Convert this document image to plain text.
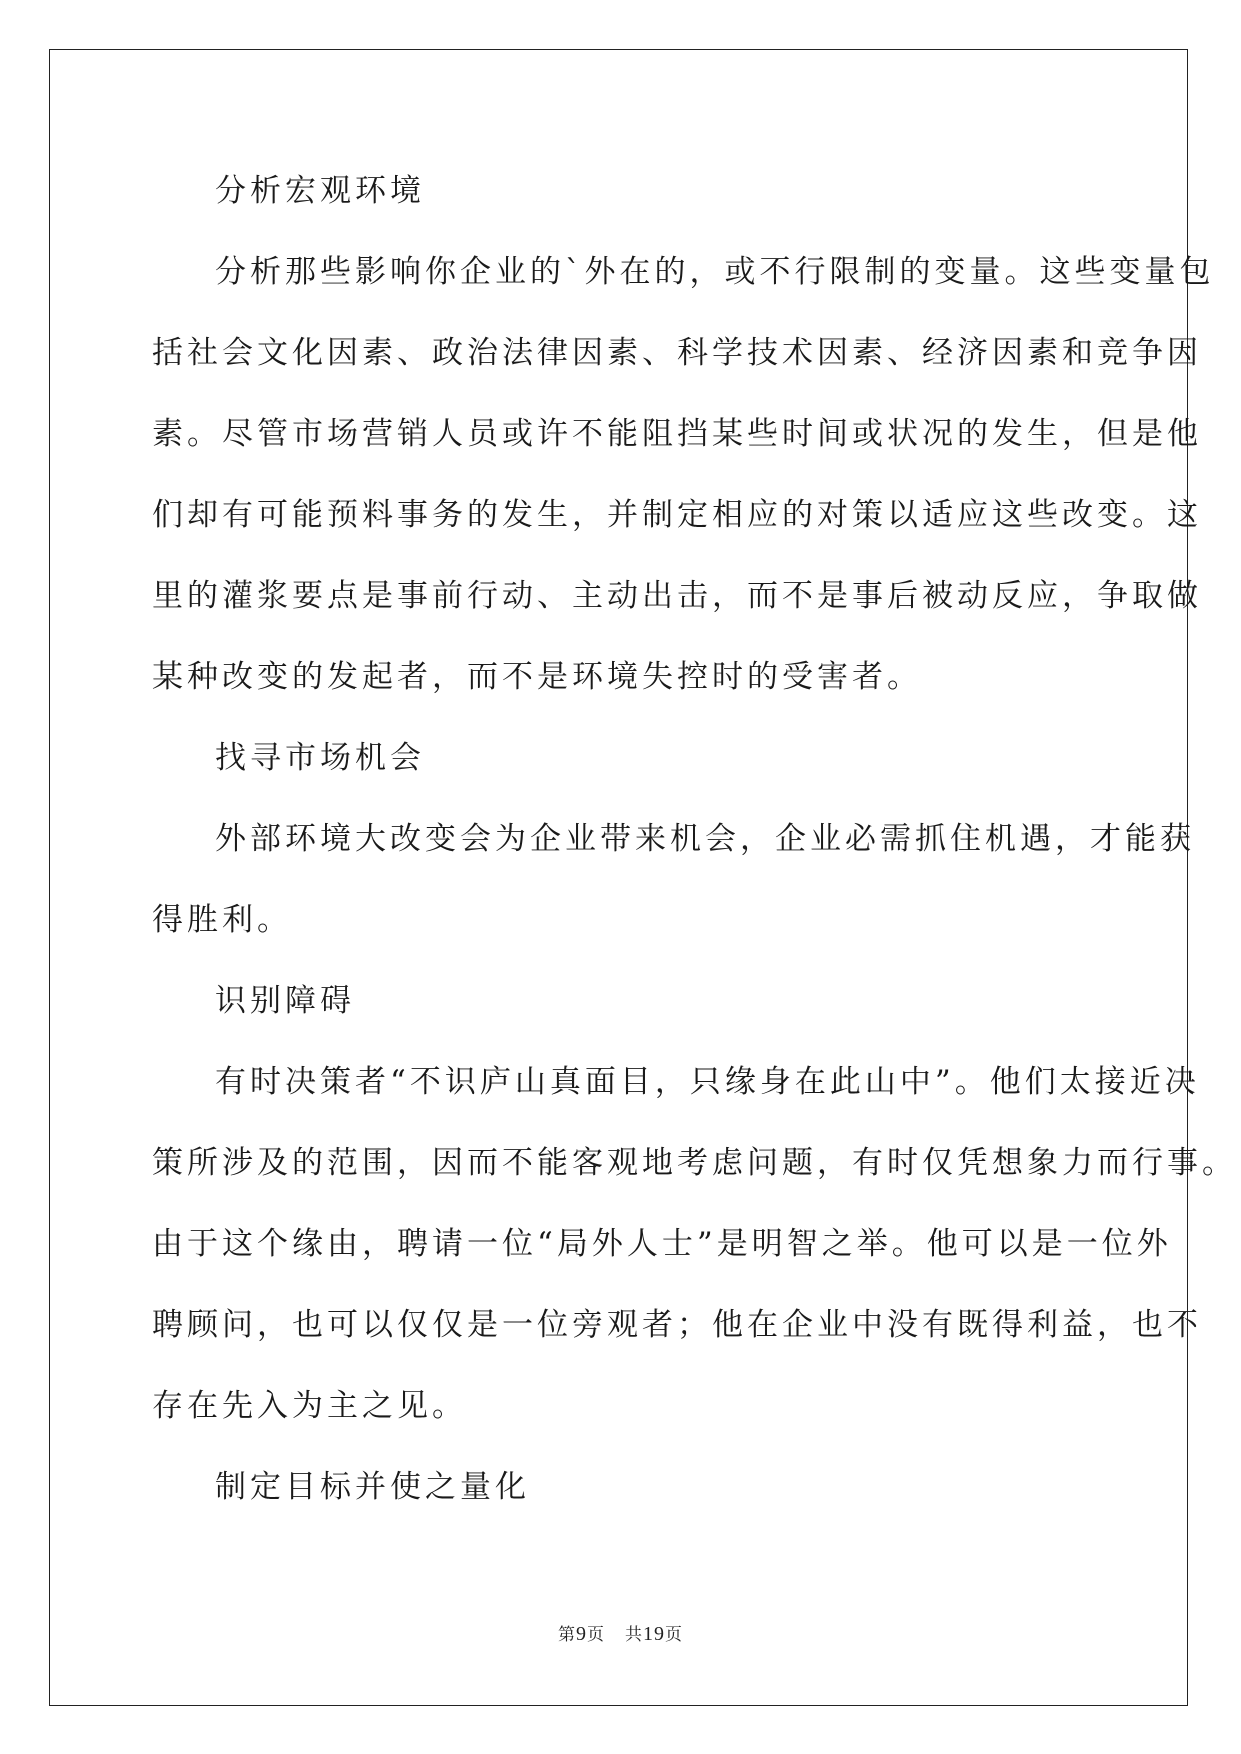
分析宏观环境
分析那些影响你企业的`外在的，或不行限制的变量。这些变量包
括社会文化因素、政治法律因素、科学技术因素、经济因素和竞争因
素。尽管市场营销人员或许不能阻挡某些时间或状况的发生，但是他
们却有可能预料事务的发生，并制定相应的对策以适应这些改变。这
里的灌浆要点是事前行动、主动出击，而不是事后被动反应，争取做
某种改变的发起者，而不是环境失控时的受害者。
找寻市场机会
外部环境大改变会为企业带来机会，企业必需抓住机遇，才能获
得胜利。
识别障碍
有时决策者“不识庐山真面目，只缘身在此山中”。他们太接近决
策所涉及的范围，因而不能客观地考虑问题，有时仅凭想象力而行事。
由于这个缘由，聘请一位“局外人士”是明智之举。他可以是一位外
聘顾问，也可以仅仅是一位旁观者；他在企业中没有既得利益，也不
存在先入为主之见。
制定目标并使之量化
第9页 共19页
